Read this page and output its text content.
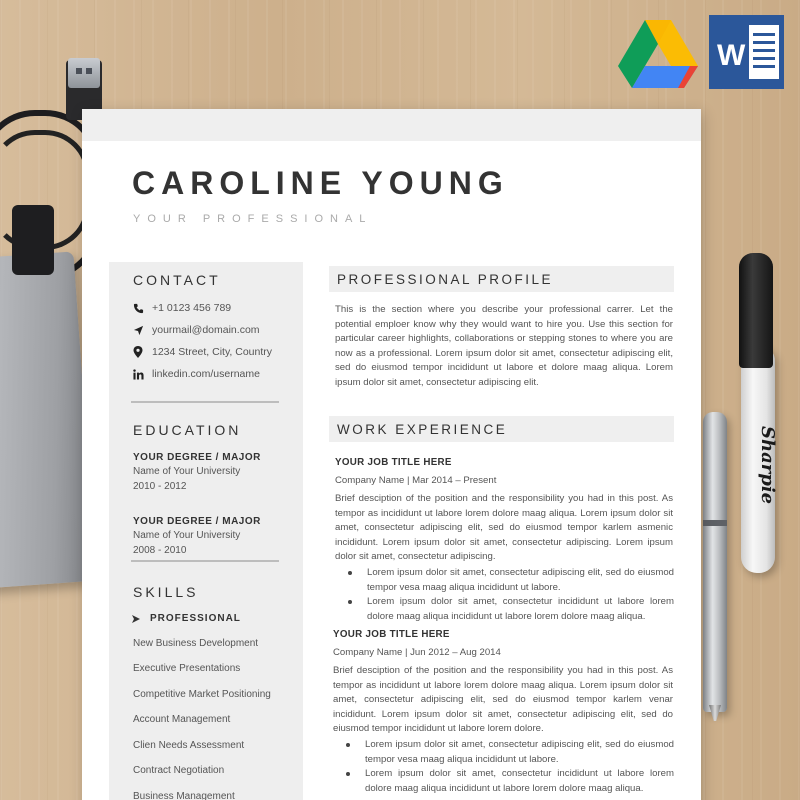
Sharpie
W
CAROLINE YOUNG
YOUR PROFESSIONAL
CONTACT
+1 0123 456 789
yourmail@domain.com
1234 Street, City, Country
linkedin.com/username
EDUCATION
YOUR DEGREE / MAJOR
Name of Your University
2010 - 2012
YOUR DEGREE / MAJOR
Name of Your University
2008 - 2010
SKILLS
PROFESSIONAL
New Business Development
Executive Presentations
Competitive Market Positioning
Account Management
Clien Needs Assessment
Contract Negotiation
Business Management
PROFESSIONAL PROFILE
This is the section where you describe your professional carrer. Let the potential emploer know why they would want to hire you. Use this section for particular career highlights, collaborations or stepping stones to where you are now as a professional. Lorem ipsum dolor sit amet, consectetur adipiscing elit, sed do eiusmod tempor incididunt ut labore et dolore maag aliqua. Lorem ipsum dolor sit amet, consectetur adipiscing elit.
WORK EXPERIENCE
YOUR JOB TITLE HERE
Company Name | Mar 2014 – Present
Brief desciption of the position and the responsibility you had in this post. As tempor as incididunt ut labore lorem dolore maag aliqua. Lorem ipsum dolor sit amet, consectetur adipiscing elit, sed do eiusmod tempor karlem asmenic incididunt. Lorem ipsum dolor sit amet, consectetur adipiscing. Lorem ipsum dolor sit amet, consectetur adipiscing.
Lorem ipsum dolor sit amet, consectetur adipiscing elit, sed do eiusmod tempor vesa maag aliqua incididunt ut labore.
Lorem ipsum dolor sit amet, consectetur incididunt ut labore lorem dolore maag aliqua incididunt ut labore lorem dolore maag aliqua.
YOUR JOB TITLE HERE
Company Name | Jun 2012 – Aug 2014
Brief desciption of the position and the responsibility you had in this post. As tempor as incididunt ut labore lorem dolore maag aliqua. Lorem ipsum dolor sit amet, consectetur adipiscing elit, sed do eiusmod tempor karlem venar incididunt. Lorem ipsum dolor sit amet, consectetur adipiscing elit, sed do eiusmod tempor incididunt ut labore lorem dolore.
Lorem ipsum dolor sit amet, consectetur adipiscing elit, sed do eiusmod tempor vesa maag aliqua incididunt ut labore.
Lorem ipsum dolor sit amet, consectetur incididunt ut labore lorem dolore maag aliqua incididunt ut labore lorem dolore maag aliqua.
